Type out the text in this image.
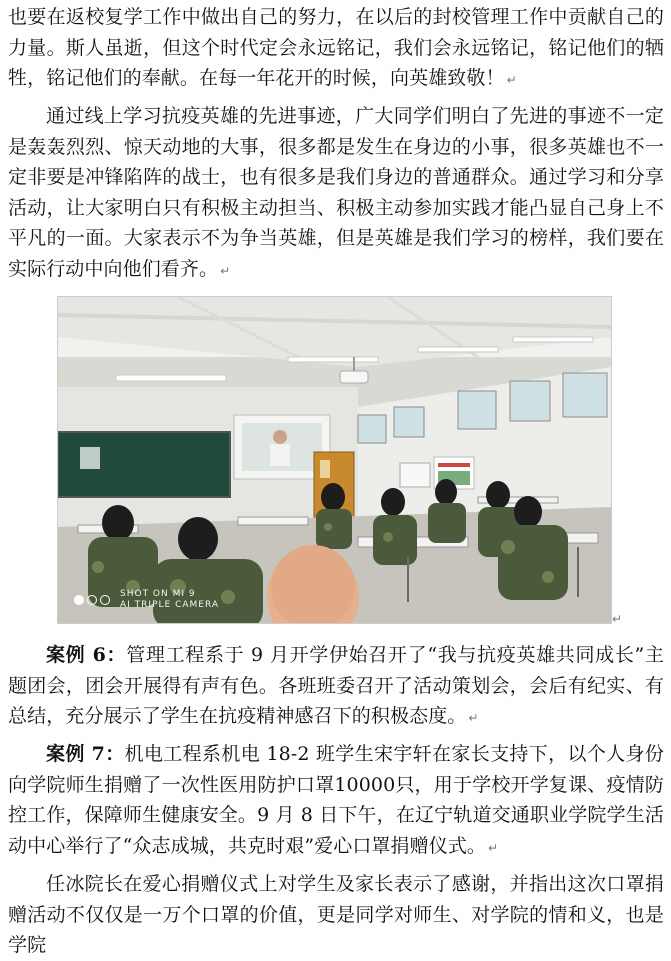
也要在返校复学工作中做出自己的努力，在以后的封校管理工作中贡献自己的力量。斯人虽逝，但这个时代定会永远铭记，我们会永远铭记，铭记他们的牺牲，铭记他们的奉献。在每一年花开的时候，向英雄致敬！ ↵

通过线上学习抗疫英雄的先进事迹，广大同学们明白了先进的事迹不一定是轰轰烈烈、惊天动地的大事，很多都是发生在身边的小事，很多英雄也不一定非要是冲锋陷阵的战士，也有很多是我们身边的普通群众。通过学习和分享活动，让大家明白只有积极主动担当、积极主动参加实践才能凸显自己身上不平凡的一面。大家表示不为争当英雄，但是英雄是我们学习的榜样，我们要在实际行动中向他们看齐。 ↵

SHOT ON MI 9
AI TRIPLE CAMERA
↵

案例 6：管理工程系于 9 月开学伊始召开了“我与抗疫英雄共同成长”主题团会，团会开展得有声有色。各班班委召开了活动策划会，会后有纪实、有总结，充分展示了学生在抗疫精神感召下的积极态度。 ↵

案例 7：机电工程系机电 18-2 班学生宋宇轩在家长支持下，以个人身份向学院师生捐赠了一次性医用防护口罩10000只，用于学校开学复课、疫情防控工作，保障师生健康安全。9 月 8 日下午，在辽宁轨道交通职业学院学生活动中心举行了“众志成城，共克时艰”爱心口罩捐赠仪式。 ↵

任冰院长在爱心捐赠仪式上对学生及家长表示了感谢，并指出这次口罩捐赠活动不仅仅是一万个口罩的价值，更是同学对师生、对学院的情和义，也是学院
